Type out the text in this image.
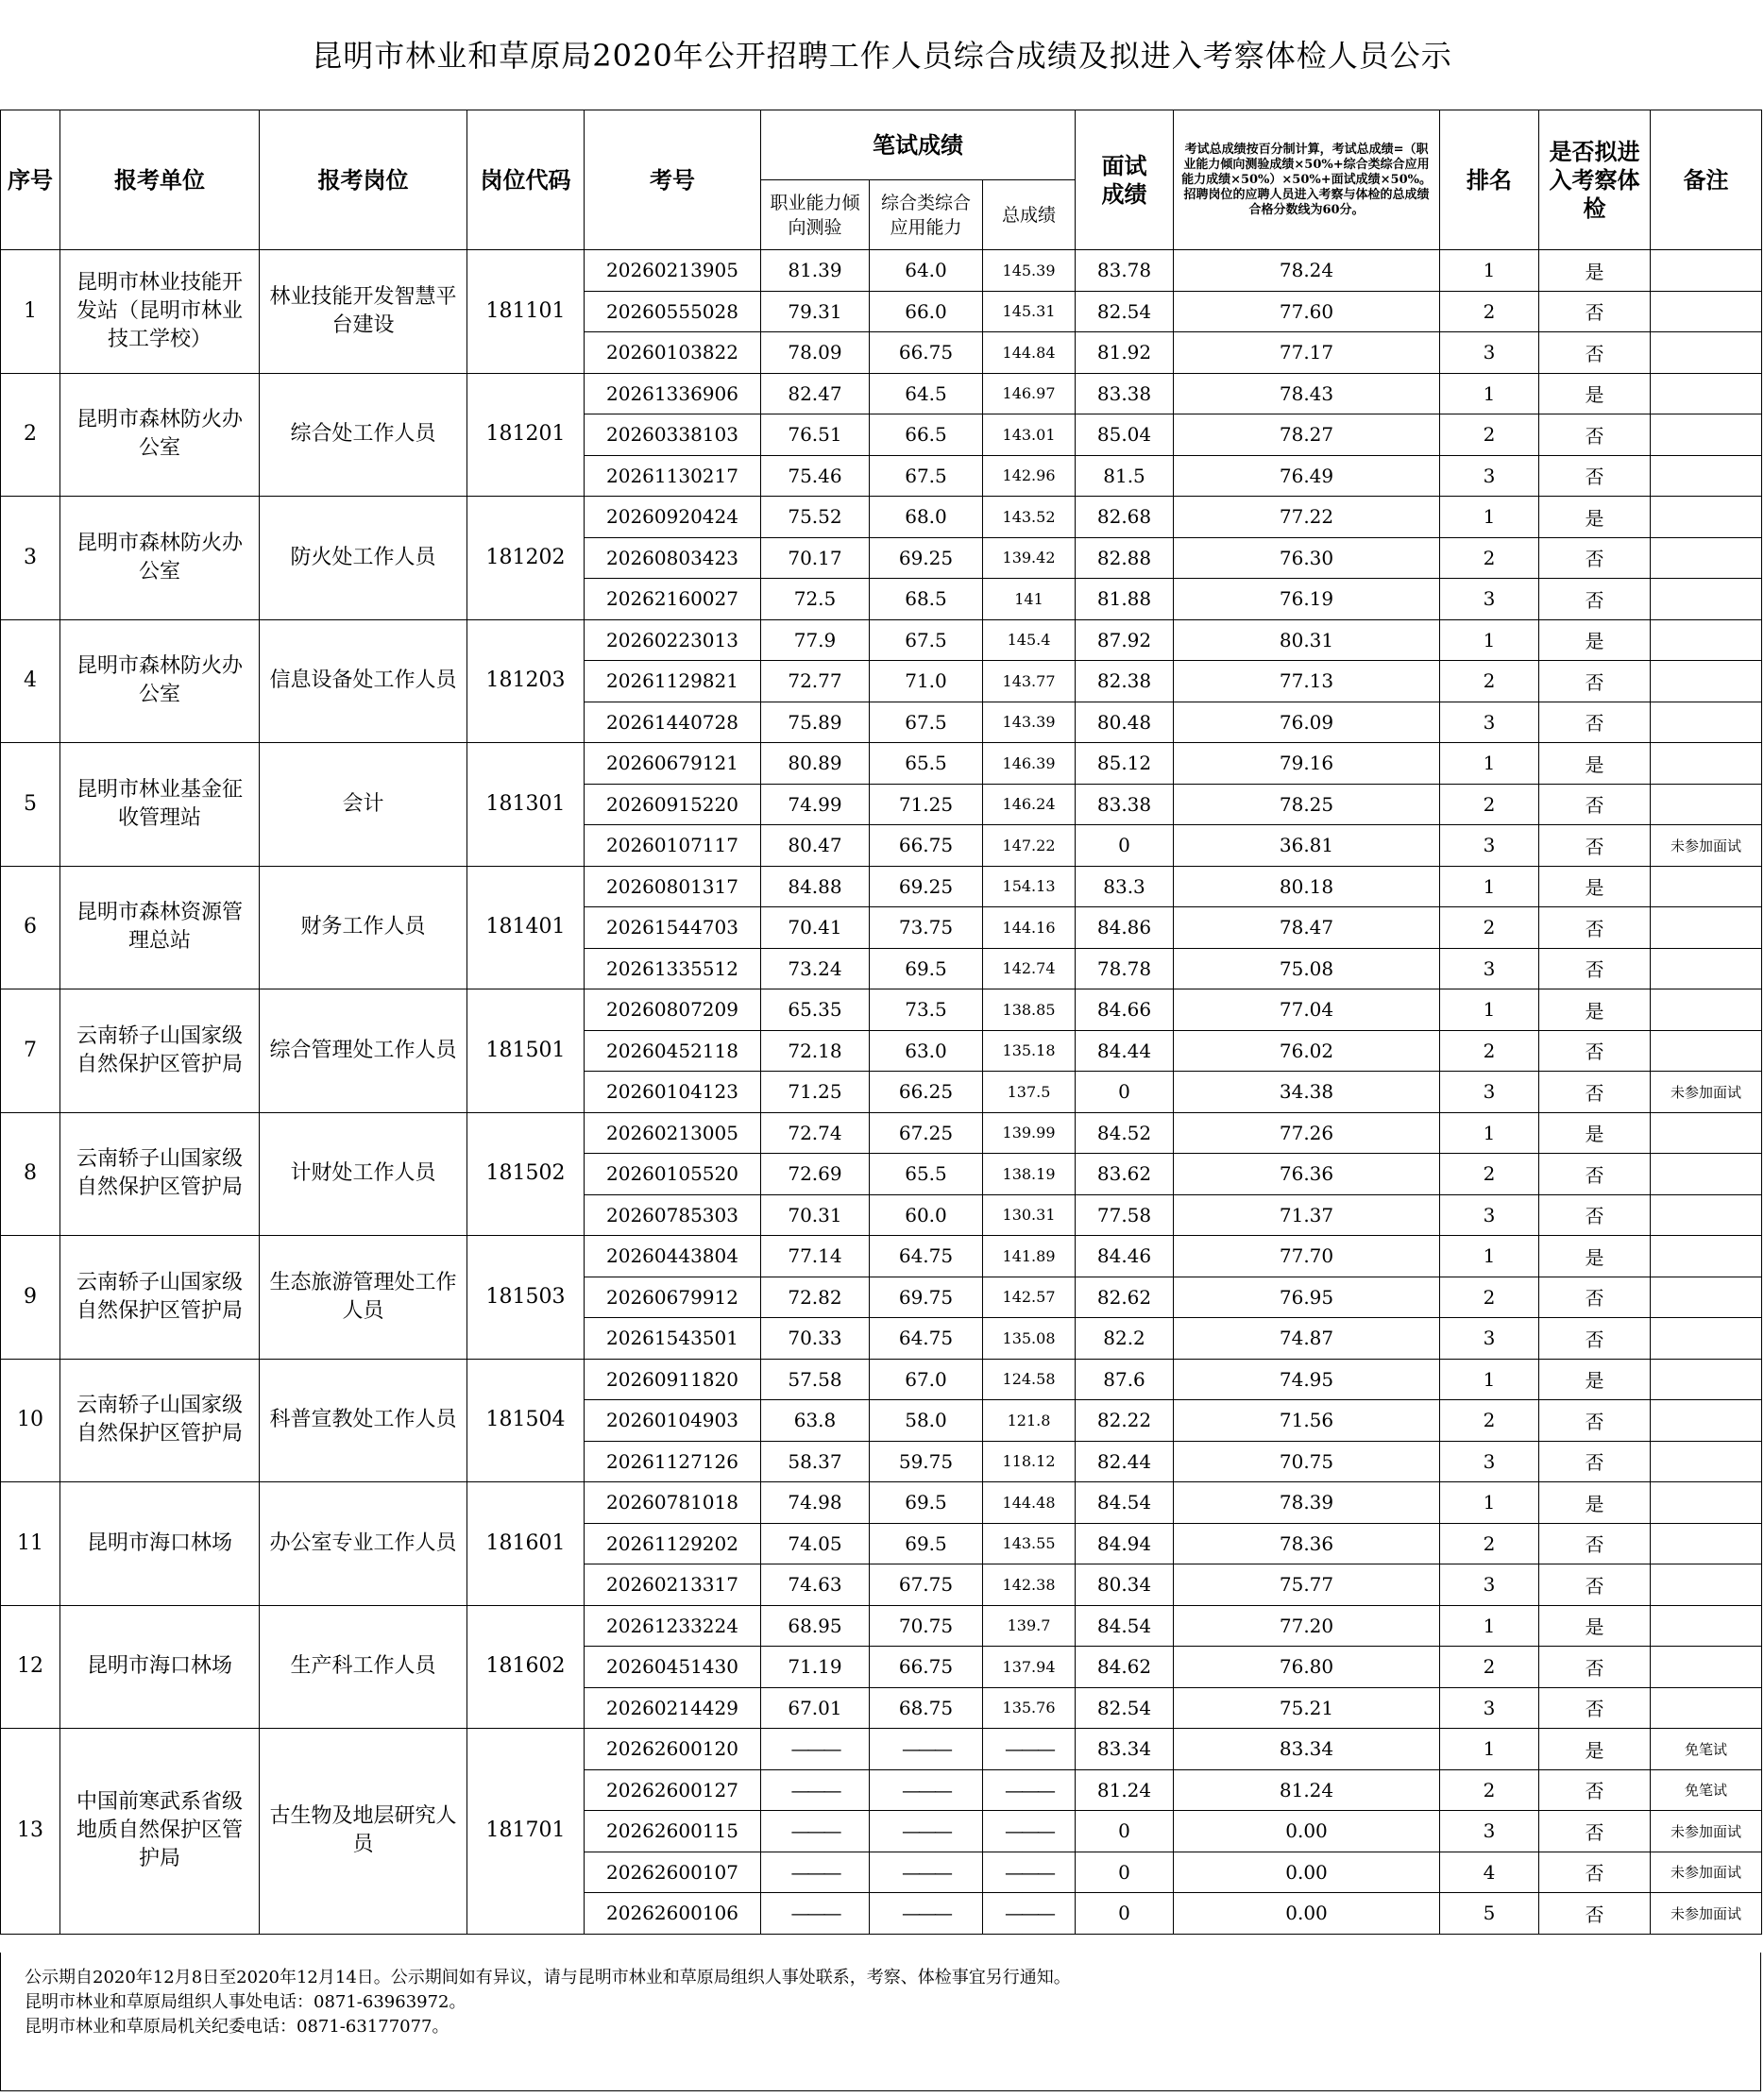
昆明市林业和草原局2020年公开招聘工作人员综合成绩及拟进入考察体检人员公示
序号	报考单位	报考岗位	岗位代码	考号	笔试成绩			面试成绩	考试总成绩按百分制计算，考试总成绩=（职业能力倾向测验成绩×50%+综合类综合应用能力成绩×50%）×50%+面试成绩×50%。招聘岗位的应聘人员进入考察与体检的总成绩合格分数线为60分。	排名	是否拟进入考察体检	备注
					职业能力倾向测验	综合类综合应用能力	总成绩					
1	昆明市林业技能开发站（昆明市林业技工学校）	林业技能开发智慧平台建设	181101	20260213905	81.39	64.0	145.39	83.78	78.24	1	是	
				20260555028	79.31	66.0	145.31	82.54	77.60	2	否	
				20260103822	78.09	66.75	144.84	81.92	77.17	3	否	
2	昆明市森林防火办公室	综合处工作人员	181201	20261336906	82.47	64.5	146.97	83.38	78.43	1	是	
				20260338103	76.51	66.5	143.01	85.04	78.27	2	否	
				20261130217	75.46	67.5	142.96	81.5	76.49	3	否	
3	昆明市森林防火办公室	防火处工作人员	181202	20260920424	75.52	68.0	143.52	82.68	77.22	1	是	
				20260803423	70.17	69.25	139.42	82.88	76.30	2	否	
				20262160027	72.5	68.5	141	81.88	76.19	3	否	
4	昆明市森林防火办公室	信息设备处工作人员	181203	20260223013	77.9	67.5	145.4	87.92	80.31	1	是	
				20261129821	72.77	71.0	143.77	82.38	77.13	2	否	
				20261440728	75.89	67.5	143.39	80.48	76.09	3	否	
5	昆明市林业基金征收管理站	会计	181301	20260679121	80.89	65.5	146.39	85.12	79.16	1	是	
				20260915220	74.99	71.25	146.24	83.38	78.25	2	否	
				20260107117	80.47	66.75	147.22	0	36.81	3	否	未参加面试
6	昆明市森林资源管理总站	财务工作人员	181401	20260801317	84.88	69.25	154.13	83.3	80.18	1	是	
				20261544703	70.41	73.75	144.16	84.86	78.47	2	否	
				20261335512	73.24	69.5	142.74	78.78	75.08	3	否	
7	云南轿子山国家级自然保护区管护局	综合管理处工作人员	181501	20260807209	65.35	73.5	138.85	84.66	77.04	1	是	
				20260452118	72.18	63.0	135.18	84.44	76.02	2	否	
				20260104123	71.25	66.25	137.5	0	34.38	3	否	未参加面试
8	云南轿子山国家级自然保护区管护局	计财处工作人员	181502	20260213005	72.74	67.25	139.99	84.52	77.26	1	是	
				20260105520	72.69	65.5	138.19	83.62	76.36	2	否	
				20260785303	70.31	60.0	130.31	77.58	71.37	3	否	
9	云南轿子山国家级自然保护区管护局	生态旅游管理处工作人员	181503	20260443804	77.14	64.75	141.89	84.46	77.70	1	是	
				20260679912	72.82	69.75	142.57	82.62	76.95	2	否	
				20261543501	70.33	64.75	135.08	82.2	74.87	3	否	
10	云南轿子山国家级自然保护区管护局	科普宣教处工作人员	181504	20260911820	57.58	67.0	124.58	87.6	74.95	1	是	
				20260104903	63.8	58.0	121.8	82.22	71.56	2	否	
				20261127126	58.37	59.75	118.12	82.44	70.75	3	否	
11	昆明市海口林场	办公室专业工作人员	181601	20260781018	74.98	69.5	144.48	84.54	78.39	1	是	
				20261129202	74.05	69.5	143.55	84.94	78.36	2	否	
				20260213317	74.63	67.75	142.38	80.34	75.77	3	否	
12	昆明市海口林场	生产科工作人员	181602	20261233224	68.95	70.75	139.7	84.54	77.20	1	是	
				20260451430	71.19	66.75	137.94	84.62	76.80	2	否	
				20260214429	67.01	68.75	135.76	82.54	75.21	3	否	
13	中国前寒武系省级地质自然保护区管护局	古生物及地层研究人员	181701	20262600120	———	———	———	83.34	83.34	1	是	免笔试
				20262600127	———	———	———	81.24	81.24	2	否	免笔试
				20262600115	———	———	———	0	0.00	3	否	未参加面试
				20262600107	———	———	———	0	0.00	4	否	未参加面试
				20262600106	———	———	———	0	0.00	5	否	未参加面试
公示期自2020年12月8日至2020年12月14日。公示期间如有异议，请与昆明市林业和草原局组织人事处联系，考察、体检事宜另行通知。
昆明市林业和草原局组织人事处电话：0871-63963972。
昆明市林业和草原局机关纪委电话：0871-63177077。
